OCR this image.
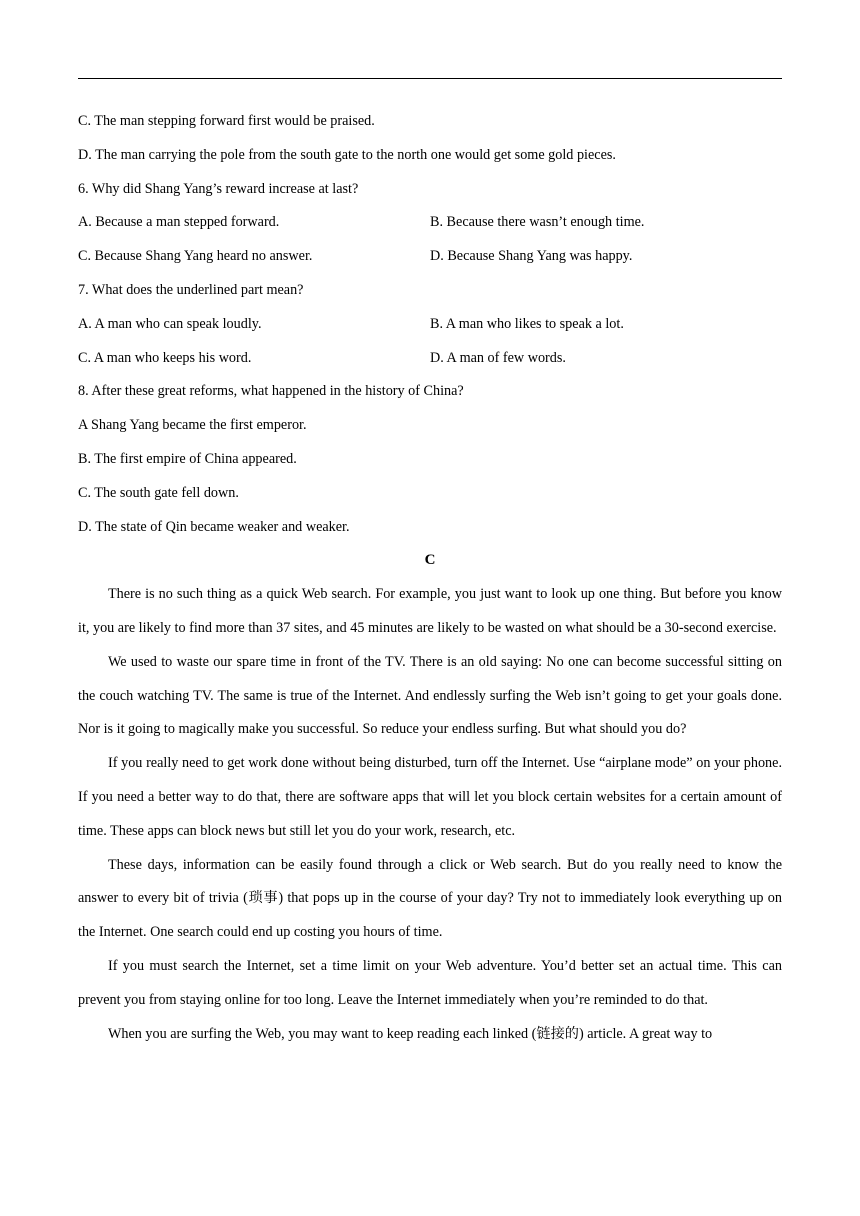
C. The man stepping forward first would be praised.
D. The man carrying the pole from the south gate to the north one would get some gold pieces.
6. Why did Shang Yang’s reward increase at last?
A. Because a man stepped forward.	B. Because there wasn’t enough time.
C. Because Shang Yang heard no answer.	D. Because Shang Yang was happy.
7. What does the underlined part mean?
A. A man who can speak loudly.	B. A man who likes to speak a lot.
C. A man who keeps his word.	D. A man of few words.
8. After these great reforms, what happened in the history of China?
A Shang Yang became the first emperor.
B. The first empire of China appeared.
C. The south gate fell down.
D. The state of Qin became weaker and weaker.
C

There is no such thing as a quick Web search. For example, you just want to look up one thing. But before you know it, you are likely to find more than 37 sites, and 45 minutes are likely to be wasted on what should be a 30-second exercise.

We used to waste our spare time in front of the TV. There is an old saying: No one can become successful sitting on the couch watching TV. The same is true of the Internet. And endlessly surfing the Web isn’t going to get your goals done. Nor is it going to magically make you successful. So reduce your endless surfing. But what should you do?

If you really need to get work done without being disturbed, turn off the Internet. Use “airplane mode” on your phone. If you need a better way to do that, there are software apps that will let you block certain websites for a certain amount of time. These apps can block news but still let you do your work, research, etc.

These days, information can be easily found through a click or Web search. But do you really need to know the answer to every bit of trivia (琐事) that pops up in the course of your day? Try not to immediately look everything up on the Internet. One search could end up costing you hours of time.

If you must search the Internet, set a time limit on your Web adventure. You’d better set an actual time. This can prevent you from staying online for too long. Leave the Internet immediately when you’re reminded to do that.

When you are surfing the Web, you may want to keep reading each linked (链接的) article. A great way to
